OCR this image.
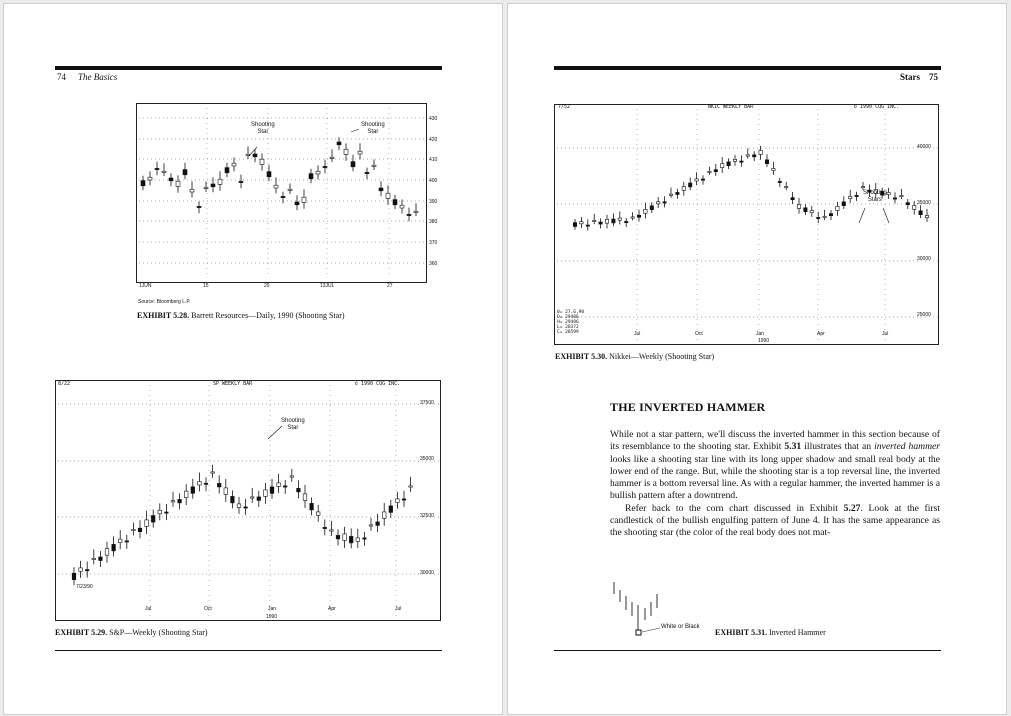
74 The Basics
430
420
410
400
390
380
370
360
1JUN	15	29	13JUL	27
Shooting
Star
Shooting
Star
Source: Bloomberg L.P.
EXHIBIT 5.28. Barrett Resources—Daily, 1990 (Shooting Star)
8/22	SP WEEKLY BAR	© 1990 CQG INC.
37500
35000
32500
30000
Jul	Oct	Jan	Apr	Jul
1990
7/23/90
Shooting
Star
EXHIBIT 5.29. S&P—Weekly (Shooting Star)
Stars 75
7/52	NKIC WEEKLY BAR	© 1990 CQG INC.
40000
35000
30000
25000
Jul	Oct	Jan	Apr	Jul
1990
Shooting
Stars
0= 27,6,90
O= 29486
H= 29486
L= 28372
C= 28599
EXHIBIT 5.30. Nikkei—Weekly (Shooting Star)
THE INVERTED HAMMER

While not a star pattern, we'll discuss the inverted hammer in this section because of its resemblance to the shooting star. Exhibit 5.31 illustrates that an inverted hammer looks like a shooting star line with its long upper shadow and small real body at the lower end of the range. But, while the shooting star is a top reversal line, the inverted hammer is a bottom reversal line. As with a regular hammer, the inverted hammer is a bullish pattern after a downtrend.

Refer back to the corn chart discussed in Exhibit 5.27. Look at the first candlestick of the bullish engulfing pattern of June 4. It has the same appearance as the shooting star (the color of the real body does not mat-

White or Black
EXHIBIT 5.31. Inverted Hammer
